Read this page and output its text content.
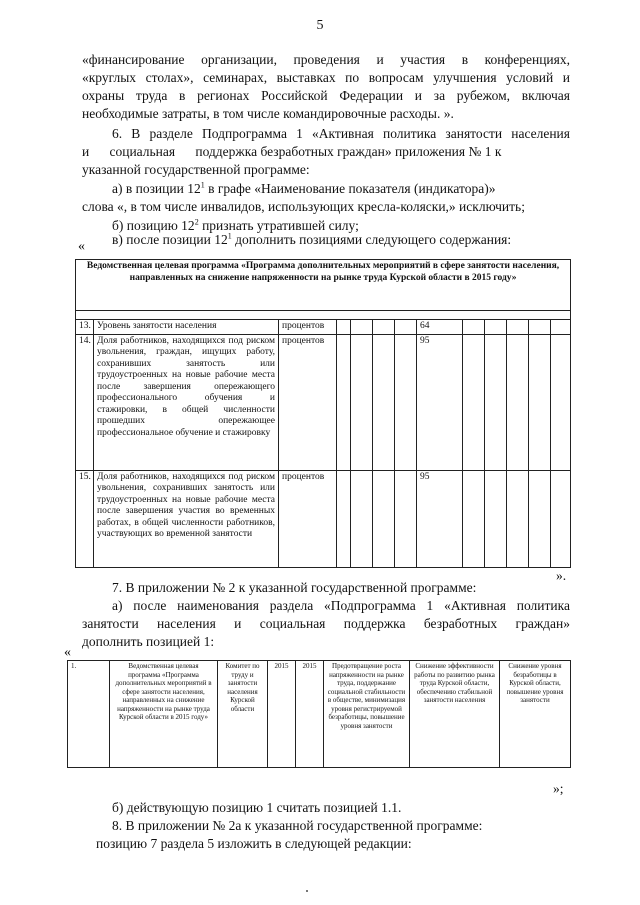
5
«финансирование организации, проведения и участия в конференциях,
«круглых столах», семинарах, выставках по вопросам улучшения условий и
охраны труда в регионах Российской Федерации и за рубежом, включая
необходимые затраты, в том числе командировочные расходы. ».
6. В разделе Подпрограмма 1 «Активная политика занятости населения
и      социальная      поддержка безработных граждан» приложения № 1 к
указанной государственной программе:
а) в позиции $12^1$ в графе «Наименование показателя (индикатора)»
слова «, в том числе инвалидов, использующих кресла-коляски,» исключить;
б) позицию $12^2$ признать утратившей силу;
в) после позиции $12^1$ дополнить позициями следующего содержания:
«
Ведомственная целевая программа «Программа дополнительных мероприятий в сфере занятости населения, направленных на снижение напряженности на рынке труда Курской области в 2015 году»												

13.	Уровень занятости населения	процентов					64					
14.	Доля работников, находящихся под риском увольнения, граждан, ищущих работу, сохранивших занятость или трудоустроенных на новые рабочие места после завершения опережающего профессионального обучения и стажировки, в общей численности прошедших опережающее профессиональное обучение и стажировку	процентов					95					
15.	Доля работников, находящихся под риском увольнения, сохранивших занятость или трудоустроенных на новые рабочие места после завершения участия во временных работах, в общей численности работников, участвующих во временной занятости	процентов					95					
».
7. В приложении № 2 к указанной государственной программе:
а) после наименования раздела «Подпрограмма 1 «Активная политика
занятости населения и социальная поддержка безработных граждан»
дополнить позицией 1:
«
1.	Ведомственная целевая программа «Программа дополнительных мероприятий в сфере занятости населения, направленных на снижение напряженности на рынке труда Курской области в 2015 году»	Комитет по труду и занятости населения Курской области	2015	2015	Предотвращение роста напряженности на рынке труда, поддержание социальной стабильности в обществе, минимизация уровня регистрируемой безработицы, повышение уровня занятости	Снижение эффективности работы по развитию рынка труда Курской области, обеспечению стабильной занятости населения	Снижение уровня безработицы в Курской области, повышение уровня занятости
»;
б) действующую позицию 1 считать позицией 1.1.
8. В приложении № 2а к указанной государственной программе:
позицию 7 раздела 5 изложить в следующей редакции:
